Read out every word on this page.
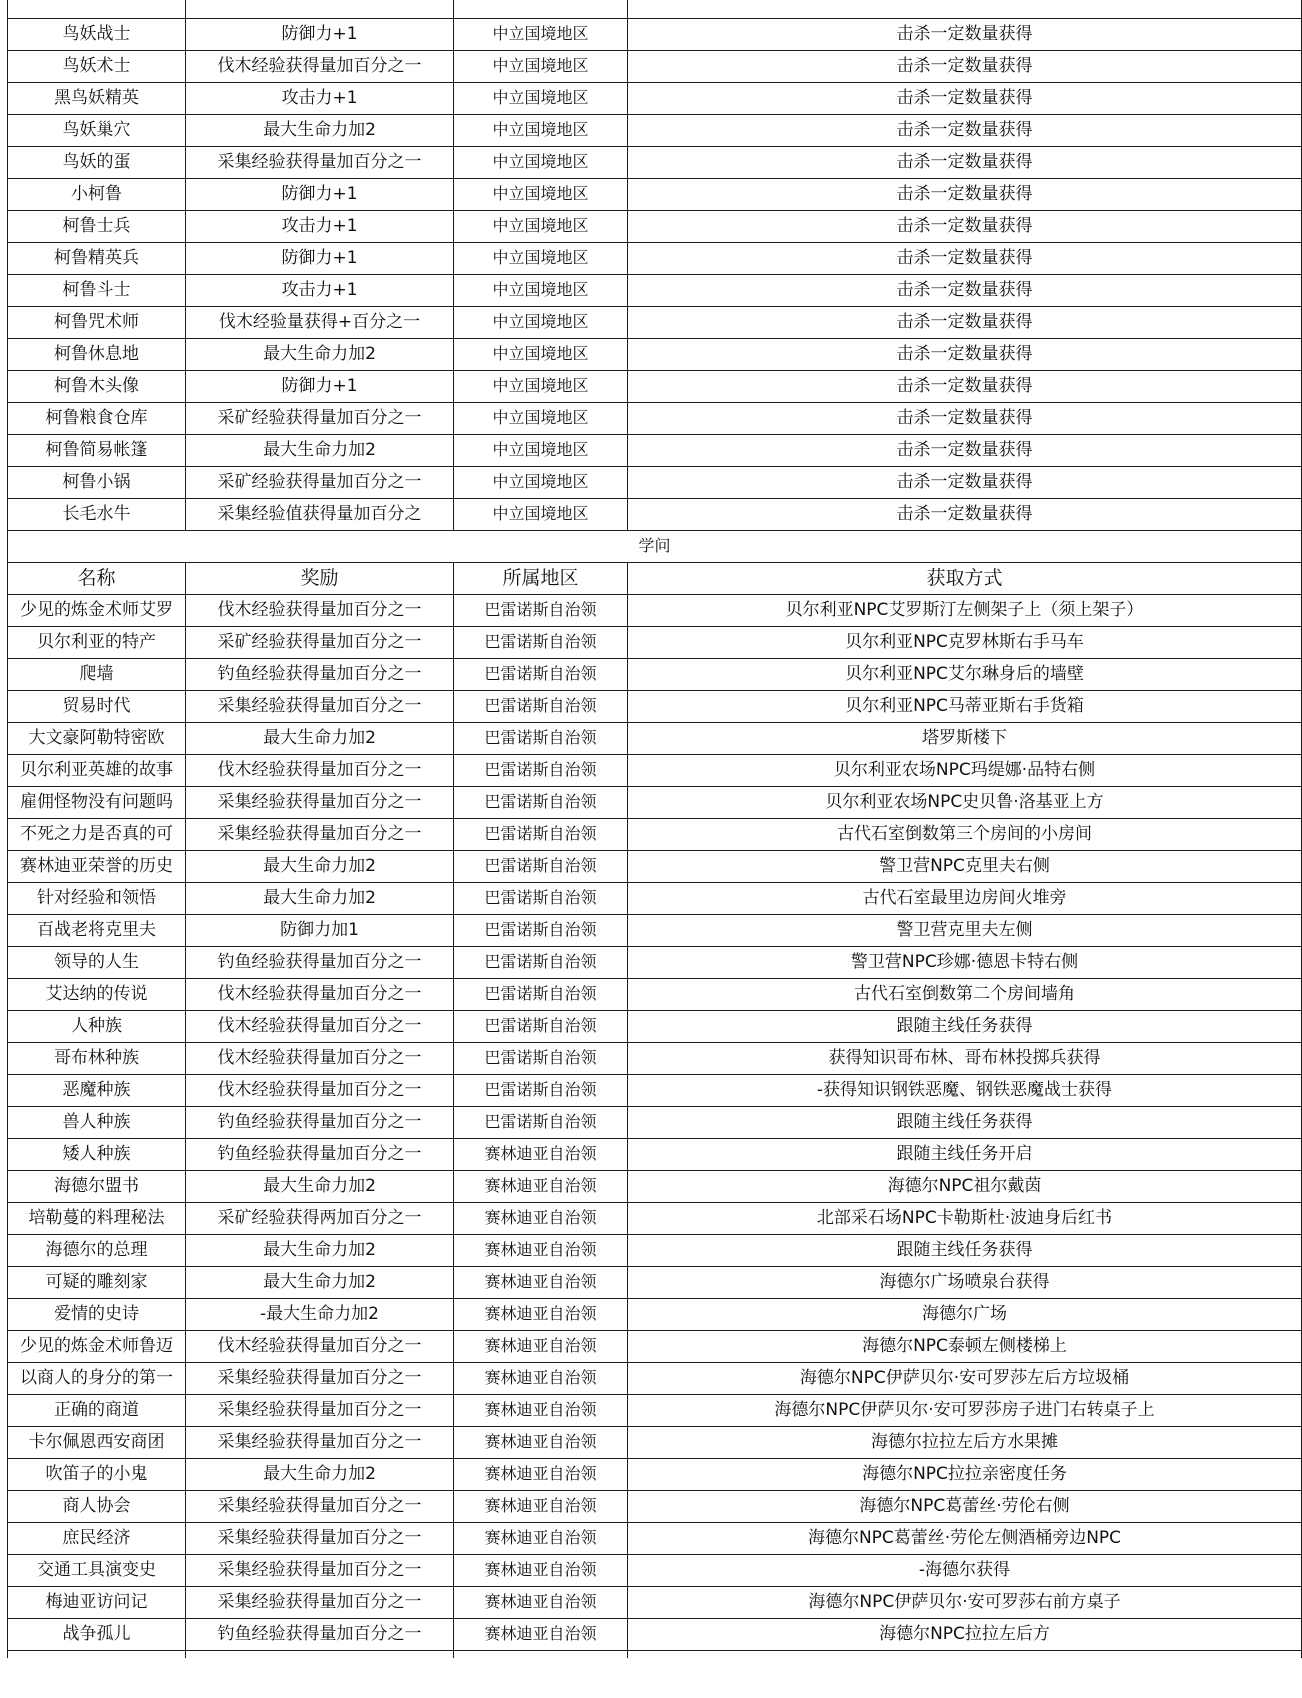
鸟妖战士	防御力+1	中立国境地区	击杀一定数量获得
鸟妖术士	伐木经验获得量加百分之一	中立国境地区	击杀一定数量获得
黑鸟妖精英	攻击力+1	中立国境地区	击杀一定数量获得
鸟妖巢穴	最大生命力加2	中立国境地区	击杀一定数量获得
鸟妖的蛋	采集经验获得量加百分之一	中立国境地区	击杀一定数量获得
小柯鲁	防御力+1	中立国境地区	击杀一定数量获得
柯鲁士兵	攻击力+1	中立国境地区	击杀一定数量获得
柯鲁精英兵	防御力+1	中立国境地区	击杀一定数量获得
柯鲁斗士	攻击力+1	中立国境地区	击杀一定数量获得
柯鲁咒术师	伐木经验量获得+百分之一	中立国境地区	击杀一定数量获得
柯鲁休息地	最大生命力加2	中立国境地区	击杀一定数量获得
柯鲁木头像	防御力+1	中立国境地区	击杀一定数量获得
柯鲁粮食仓库	采矿经验获得量加百分之一	中立国境地区	击杀一定数量获得
柯鲁简易帐篷	最大生命力加2	中立国境地区	击杀一定数量获得
柯鲁小锅	采矿经验获得量加百分之一	中立国境地区	击杀一定数量获得
长毛水牛	采集经验值获得量加百分之	中立国境地区	击杀一定数量获得
学问			
名称	奖励	所属地区	获取方式
少见的炼金术师艾罗	伐木经验获得量加百分之一	巴雷诺斯自治领	贝尔利亚NPC艾罗斯汀左侧架子上（须上架子）
贝尔利亚的特产	采矿经验获得量加百分之一	巴雷诺斯自治领	贝尔利亚NPC克罗林斯右手马车
爬墙	钓鱼经验获得量加百分之一	巴雷诺斯自治领	贝尔利亚NPC艾尔琳身后的墙壁
贸易时代	采集经验获得量加百分之一	巴雷诺斯自治领	贝尔利亚NPC马蒂亚斯右手货箱
大文豪阿勒特密欧	最大生命力加2	巴雷诺斯自治领	塔罗斯楼下
贝尔利亚英雄的故事	伐木经验获得量加百分之一	巴雷诺斯自治领	贝尔利亚农场NPC玛缇娜·品特右侧
雇佣怪物没有问题吗	采集经验获得量加百分之一	巴雷诺斯自治领	贝尔利亚农场NPC史贝鲁·洛基亚上方
不死之力是否真的可	采集经验获得量加百分之一	巴雷诺斯自治领	古代石室倒数第三个房间的小房间
赛林迪亚荣誉的历史	最大生命力加2	巴雷诺斯自治领	警卫营NPC克里夫右侧
针对经验和领悟	最大生命力加2	巴雷诺斯自治领	古代石室最里边房间火堆旁
百战老将克里夫	防御力加1	巴雷诺斯自治领	警卫营克里夫左侧
领导的人生	钓鱼经验获得量加百分之一	巴雷诺斯自治领	警卫营NPC珍娜·德恩卡特右侧
艾达纳的传说	伐木经验获得量加百分之一	巴雷诺斯自治领	古代石室倒数第二个房间墙角
人种族	伐木经验获得量加百分之一	巴雷诺斯自治领	跟随主线任务获得
哥布林种族	伐木经验获得量加百分之一	巴雷诺斯自治领	获得知识哥布林、哥布林投掷兵获得
恶魔种族	伐木经验获得量加百分之一	巴雷诺斯自治领	-获得知识钢铁恶魔、钢铁恶魔战士获得
兽人种族	钓鱼经验获得量加百分之一	巴雷诺斯自治领	跟随主线任务获得
矮人种族	钓鱼经验获得量加百分之一	赛林迪亚自治领	跟随主线任务开启
海德尔盟书	最大生命力加2	赛林迪亚自治领	海德尔NPC祖尔戴茵
培勒蔓的料理秘法	采矿经验获得两加百分之一	赛林迪亚自治领	北部采石场NPC卡勒斯杜·波迪身后红书
海德尔的总理	最大生命力加2	赛林迪亚自治领	跟随主线任务获得
可疑的雕刻家	最大生命力加2	赛林迪亚自治领	海德尔广场喷泉台获得
爱情的史诗	-最大生命力加2	赛林迪亚自治领	海德尔广场
少见的炼金术师鲁迈	伐木经验获得量加百分之一	赛林迪亚自治领	海德尔NPC泰顿左侧楼梯上
以商人的身分的第一	采集经验获得量加百分之一	赛林迪亚自治领	海德尔NPC伊萨贝尔·安可罗莎左后方垃圾桶
正确的商道	采集经验获得量加百分之一	赛林迪亚自治领	海德尔NPC伊萨贝尔·安可罗莎房子进门右转桌子上
卡尔佩恩西安商团	采集经验获得量加百分之一	赛林迪亚自治领	海德尔拉拉左后方水果摊
吹笛子的小鬼	最大生命力加2	赛林迪亚自治领	海德尔NPC拉拉亲密度任务
商人协会	采集经验获得量加百分之一	赛林迪亚自治领	海德尔NPC葛蕾丝·劳伦右侧
庶民经济	采集经验获得量加百分之一	赛林迪亚自治领	海德尔NPC葛蕾丝·劳伦左侧酒桶旁边NPC
交通工具演变史	采集经验获得量加百分之一	赛林迪亚自治领	-海德尔获得
梅迪亚访问记	采集经验获得量加百分之一	赛林迪亚自治领	海德尔NPC伊萨贝尔·安可罗莎右前方桌子
战争孤儿	钓鱼经验获得量加百分之一	赛林迪亚自治领	海德尔NPC拉拉左后方
